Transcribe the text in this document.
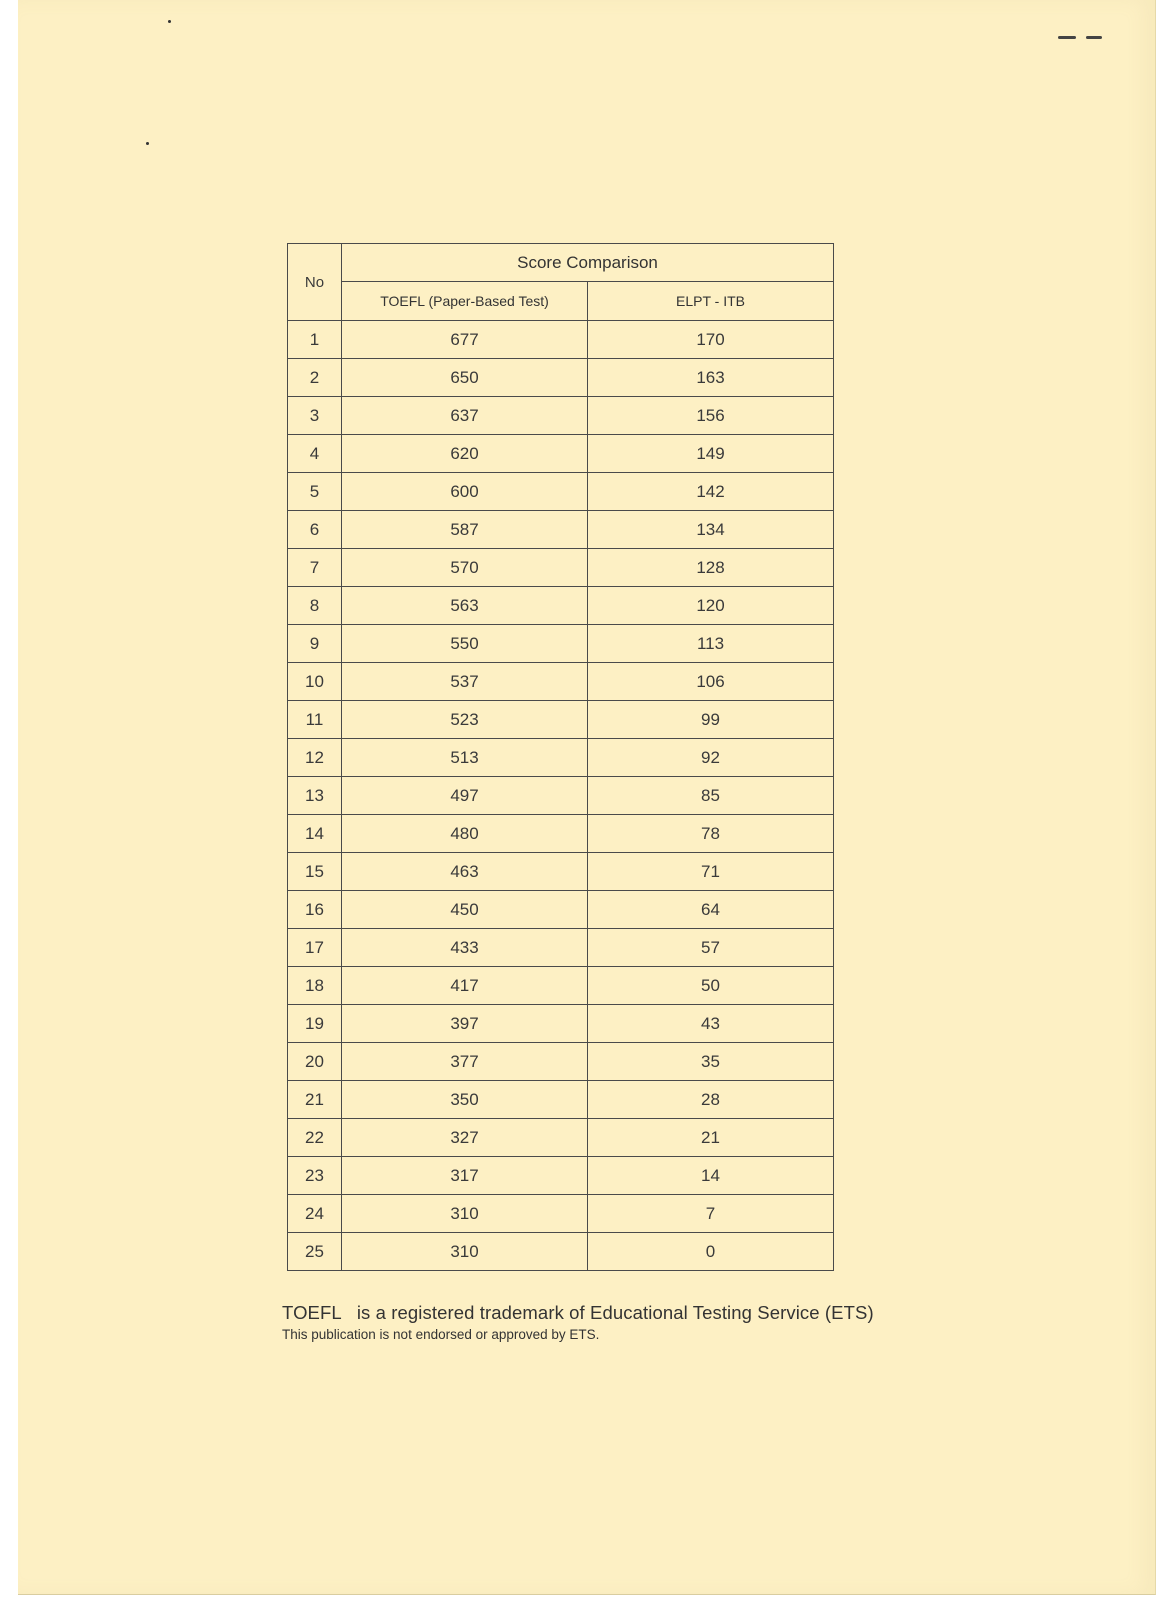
No	Score Comparison	
	TOEFL (Paper-Based Test)	ELPT - ITB
1	677	170
2	650	163
3	637	156
4	620	149
5	600	142
6	587	134
7	570	128
8	563	120
9	550	113
10	537	106
11	523	99
12	513	92
13	497	85
14	480	78
15	463	71
16	450	64
17	433	57
18	417	50
19	397	43
20	377	35
21	350	28
22	327	21
23	317	14
24	310	7
25	310	0
TOEFL   is a registered trademark of Educational Testing Service (ETS)
This publication is not endorsed or approved by ETS.
